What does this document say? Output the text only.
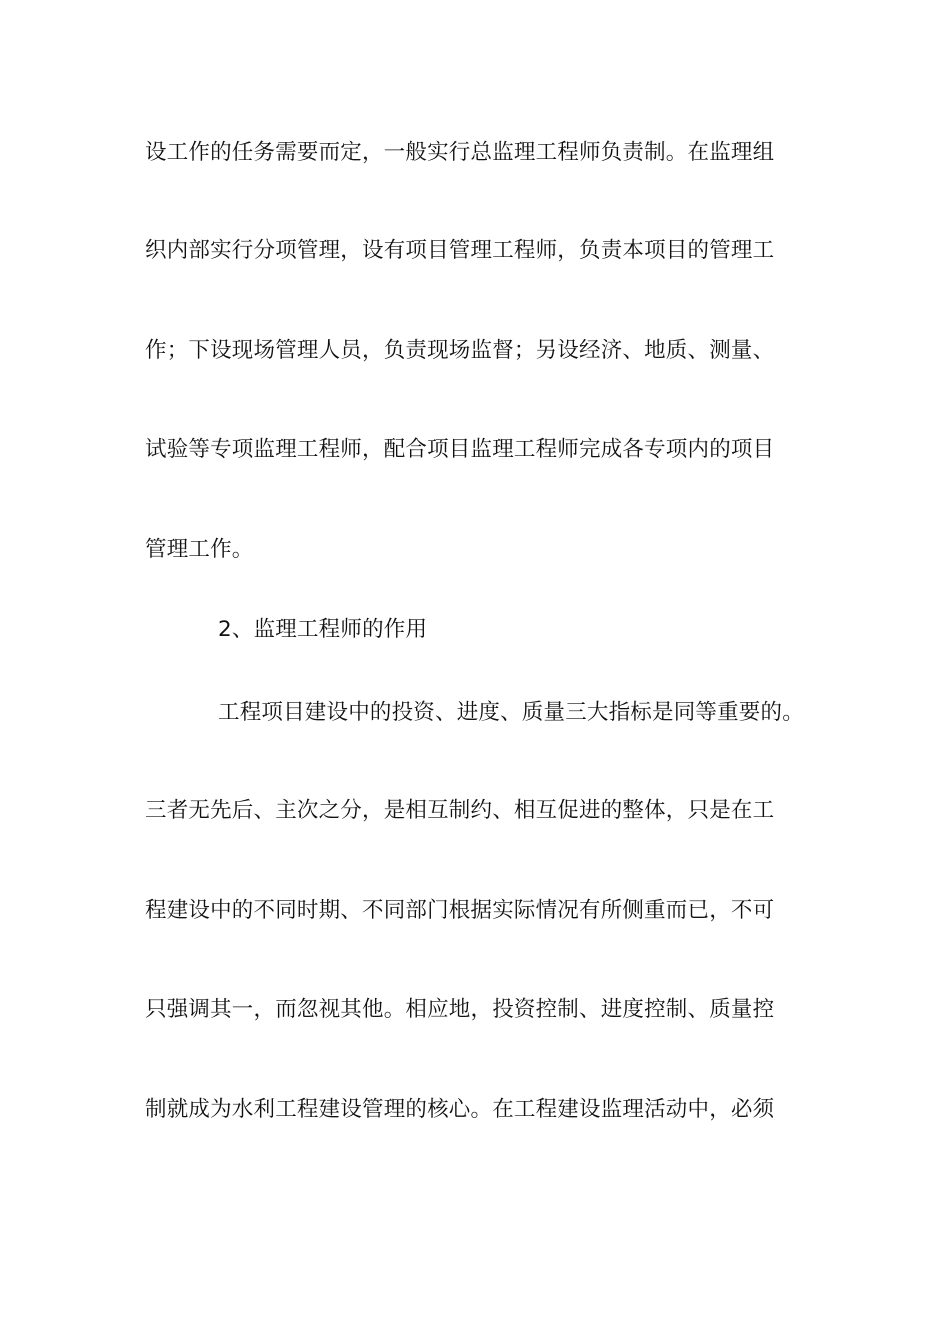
设工作的任务需要而定，一般实行总监理工程师负责制。在监理组
织内部实行分项管理，设有项目管理工程师，负责本项目的管理工
作；下设现场管理人员，负责现场监督；另设经济、地质、测量、
试验等专项监理工程师，配合项目监理工程师完成各专项内的项目
管理工作。
2、监理工程师的作用
工程项目建设中的投资、进度、质量三大指标是同等重要的。
三者无先后、主次之分，是相互制约、相互促进的整体，只是在工
程建设中的不同时期、不同部门根据实际情况有所侧重而已，不可
只强调其一，而忽视其他。相应地，投资控制、进度控制、质量控
制就成为水利工程建设管理的核心。在工程建设监理活动中，必须
